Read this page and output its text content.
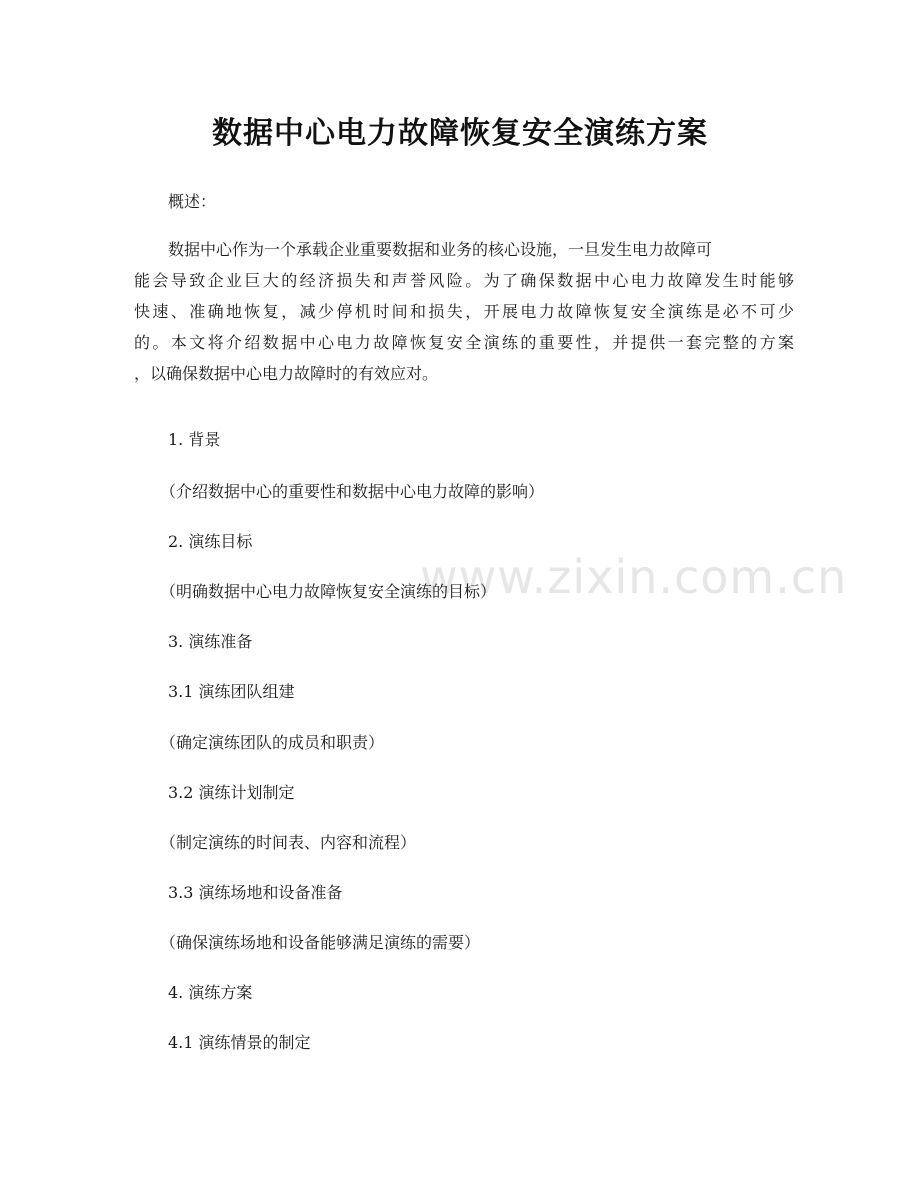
www.zixin.com.cn
数据中心电力故障恢复安全演练方案
概述：
数据中心作为一个承载企业重要数据和业务的核心设施，一旦发生电力故障可
能会导致企业巨大的经济损失和声誉风险。为了确保数据中心电力故障发生时能够
快速、准确地恢复，减少停机时间和损失，开展电力故障恢复安全演练是必不可少
的。本文将介绍数据中心电力故障恢复安全演练的重要性，并提供一套完整的方案
，以确保数据中心电力故障时的有效应对。
1. 背景
（介绍数据中心的重要性和数据中心电力故障的影响）
2. 演练目标
（明确数据中心电力故障恢复安全演练的目标）
3. 演练准备
3.1 演练团队组建
（确定演练团队的成员和职责）
3.2 演练计划制定
（制定演练的时间表、内容和流程）
3.3 演练场地和设备准备
（确保演练场地和设备能够满足演练的需要）
4. 演练方案
4.1 演练情景的制定
